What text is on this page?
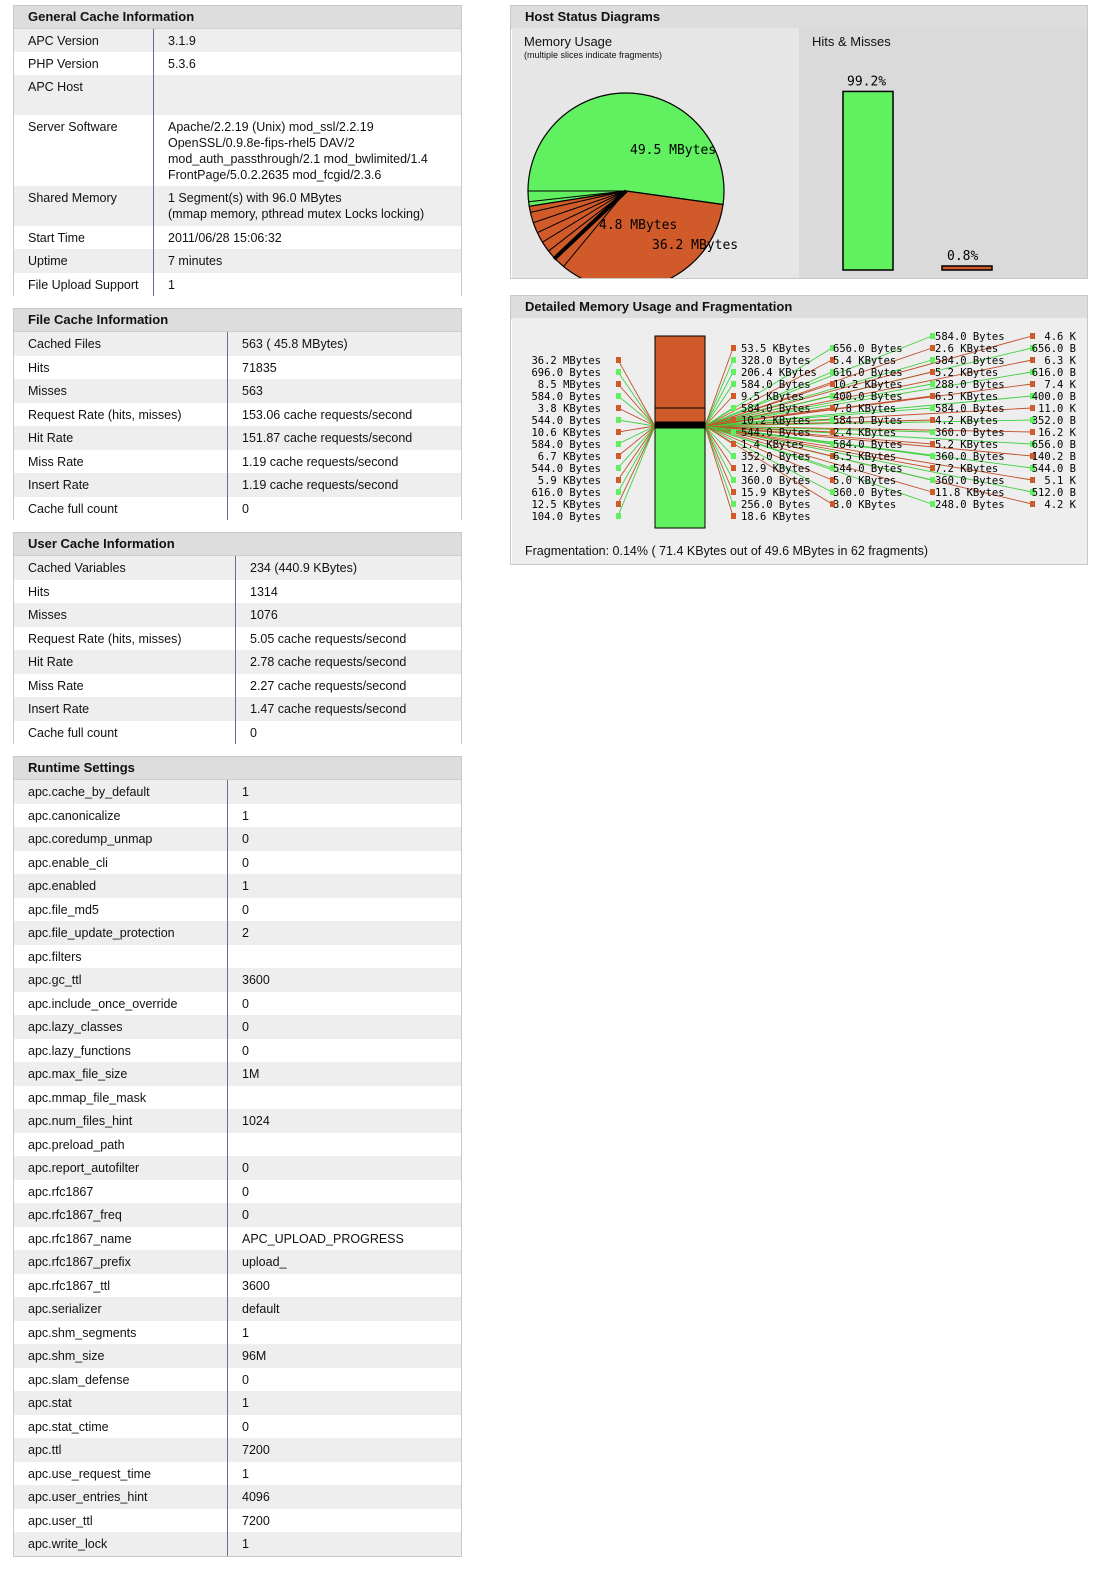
General Cache Information
APC Version	3.1.9

PHP Version	5.3.6

APC Host	

Server Software	Apache/2.2.19 (Unix) mod_ssl/2.2.19
OpenSSL/0.9.8e-fips-rhel5 DAV/2
mod_auth_passthrough/2.1 mod_bwlimited/1.4
FrontPage/5.0.2.2635 mod_fcgid/2.3.6

Shared Memory	1 Segment(s) with 96.0 MBytes
(mmap memory, pthread mutex Locks locking)

Start Time	2011/06/28 15:06:32

Uptime	7 minutes

File Upload Support	1
File Cache Information
Cached Files	563 ( 45.8 MBytes)
Hits	71835
Misses	563
Request Rate (hits, misses)	153.06 cache requests/second
Hit Rate	151.87 cache requests/second
Miss Rate	1.19 cache requests/second
Insert Rate	1.19 cache requests/second
Cache full count	0
User Cache Information
Cached Variables	234 (440.9 KBytes)
Hits	1314
Misses	1076
Request Rate (hits, misses)	5.05 cache requests/second
Hit Rate	2.78 cache requests/second
Miss Rate	2.27 cache requests/second
Insert Rate	1.47 cache requests/second
Cache full count	0
Runtime Settings
apc.cache_by_default	1
apc.canonicalize	1
apc.coredump_unmap	0
apc.enable_cli	0
apc.enabled	1
apc.file_md5	0
apc.file_update_protection	2
apc.filters	
apc.gc_ttl	3600
apc.include_once_override	0
apc.lazy_classes	0
apc.lazy_functions	0
apc.max_file_size	1M
apc.mmap_file_mask	
apc.num_files_hint	1024
apc.preload_path	
apc.report_autofilter	0
apc.rfc1867	0
apc.rfc1867_freq	0
apc.rfc1867_name	APC_UPLOAD_PROGRESS
apc.rfc1867_prefix	upload_
apc.rfc1867_ttl	3600
apc.serializer	default
apc.shm_segments	1
apc.shm_size	96M
apc.slam_defense	0
apc.stat	1
apc.stat_ctime	0
apc.ttl	7200
apc.use_request_time	1
apc.user_entries_hint	4096
apc.user_ttl	7200
apc.write_lock	1
Host Status Diagrams
Memory Usage
(multiple slices indicate fragments)
49.5 MBytes
4.8 MBytes
36.2 MBytes
Hits & Misses
99.2%
0.8%
Detailed Memory Usage and Fragmentation
36.2 MBytes
696.0 Bytes
8.5 MBytes
584.0 Bytes
3.8 KBytes
544.0 Bytes
10.6 KBytes
584.0 Bytes
6.7 KBytes
544.0 Bytes
5.9 KBytes
616.0 Bytes
12.5 KBytes
104.0 Bytes
53.5 KBytes
328.0 Bytes
206.4 KBytes
584.0 Bytes
9.5 KBytes
584.0 Bytes
10.2 KBytes
544.0 Bytes
1.4 KBytes
352.0 Bytes
12.9 KBytes
360.0 Bytes
15.9 KBytes
256.0 Bytes
18.6 KBytes
656.0 Bytes
5.4 KBytes
616.0 Bytes
10.2 KBytes
400.0 Bytes
7.8 KBytes
584.0 Bytes
2.4 KBytes
584.0 Bytes
6.5 KBytes
544.0 Bytes
5.0 KBytes
360.0 Bytes
3.0 KBytes
584.0 Bytes
2.6 KBytes
584.0 Bytes
5.2 KBytes
288.0 Bytes
6.5 KBytes
584.0 Bytes
4.2 KBytes
360.0 Bytes
5.2 KBytes
360.0 Bytes
7.2 KBytes
360.0 Bytes
11.8 KBytes
248.0 Bytes
4.6 K
656.0 B
6.3 K
616.0 B
7.4 K
400.0 B
11.0 K
352.0 B
16.2 K
656.0 B
140.2 B
544.0 B
5.1 K
512.0 B
4.2 K
Fragmentation: 0.14% ( 71.4 KBytes out of 49.6 MBytes in 62 fragments)
